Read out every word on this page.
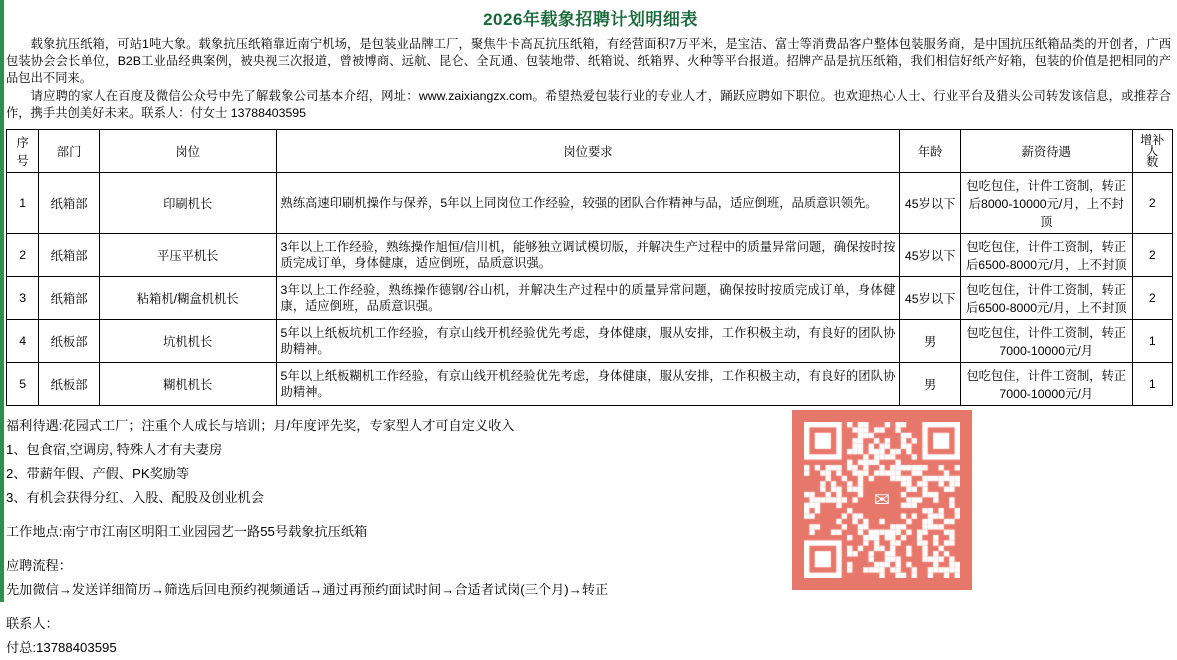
2026年载象招聘计划明细表

载象抗压纸箱，可站1吨大象。载象抗压纸箱靠近南宁机场，是包装业品牌工厂，聚焦牛卡高瓦抗压纸箱，有经营面积7万平米，是宝洁、富士等消费品客户整体包装服务商，是中国抗压纸箱品类的开创者，广西包装协会会长单位，B2B工业品经典案例，被央视三次报道，曾被博商、远航、昆仑、全瓦通、包装地带、纸箱说、纸箱界、火种等平台报道。招牌产品是抗压纸箱，我们相信好纸产好箱，包装的价值是把相同的产品包出不同来。

请应聘的家人在百度及微信公众号中先了解载象公司基本介绍，网址：www.zaixiangzx.com。希望热爱包装行业的专业人才，踊跃应聘如下职位。也欢迎热心人士、行业平台及猎头公司转发该信息，或推荐合作，携手共创美好未来。联系人：付女士 13788403595

序 号	部门	岗位	岗位要求	年龄	薪资待遇	增补人
数

1	纸箱部	印刷机长	熟练高速印刷机操作与保养，5年以上同岗位工作经验，较强的团队合作精神与品，适应倒班，品质意识领先。	45岁以下	包吃包住，计件工资制，转正后8000-10000元/月，上不封顶	2
2	纸箱部	平压平机长	3年以上工作经验，熟练操作旭恒/信川机，能够独立调试模切版，并解决生产过程中的质量异常问题，确保按时按质完成订单，身体健康，适应倒班，品质意识强。	45岁以下	包吃包住，计件工资制，转正后6500-8000元/月，上不封顶	2
3	纸箱部	粘箱机/糊盒机机长	3年以上工作经验，熟练操作德钢/谷山机，并解决生产过程中的质量异常问题，确保按时按质完成订单，身体健康，适应倒班，品质意识强。	45岁以下	包吃包住，计件工资制，转正后6500-8000元/月，上不封顶	2
4	纸板部	坑机机长	5年以上纸板坑机工作经验，有京山线开机经验优先考虑，身体健康，服从安排，工作积极主动，有良好的团队协助精神。	男	包吃包住，计件工资制，转正7000-10000元/月	1
5	纸板部	糊机机长	5年以上纸板糊机工作经验，有京山线开机经验优先考虑，身体健康，服从安排，工作积极主动，有良好的团队协助精神。	男	包吃包住，计件工资制，转正7000-10000元/月	1
福利待遇:花园式工厂；注重个人成长与培训；月/年度评先奖，专家型人才可自定义收入
1、包食宿,空调房, 特殊人才有夫妻房
2、带薪年假、产假、PK奖励等
3、有机会获得分红、入股、配股及创业机会
工作地点:南宁市江南区明阳工业园园艺一路55号载象抗压纸箱
应聘流程：
先加微信→发送详细简历→筛选后回电预约视频通话→通过再预约面试时间→合适者试岗(三个月)→转正
联系人：
付总:13788403595
✉
